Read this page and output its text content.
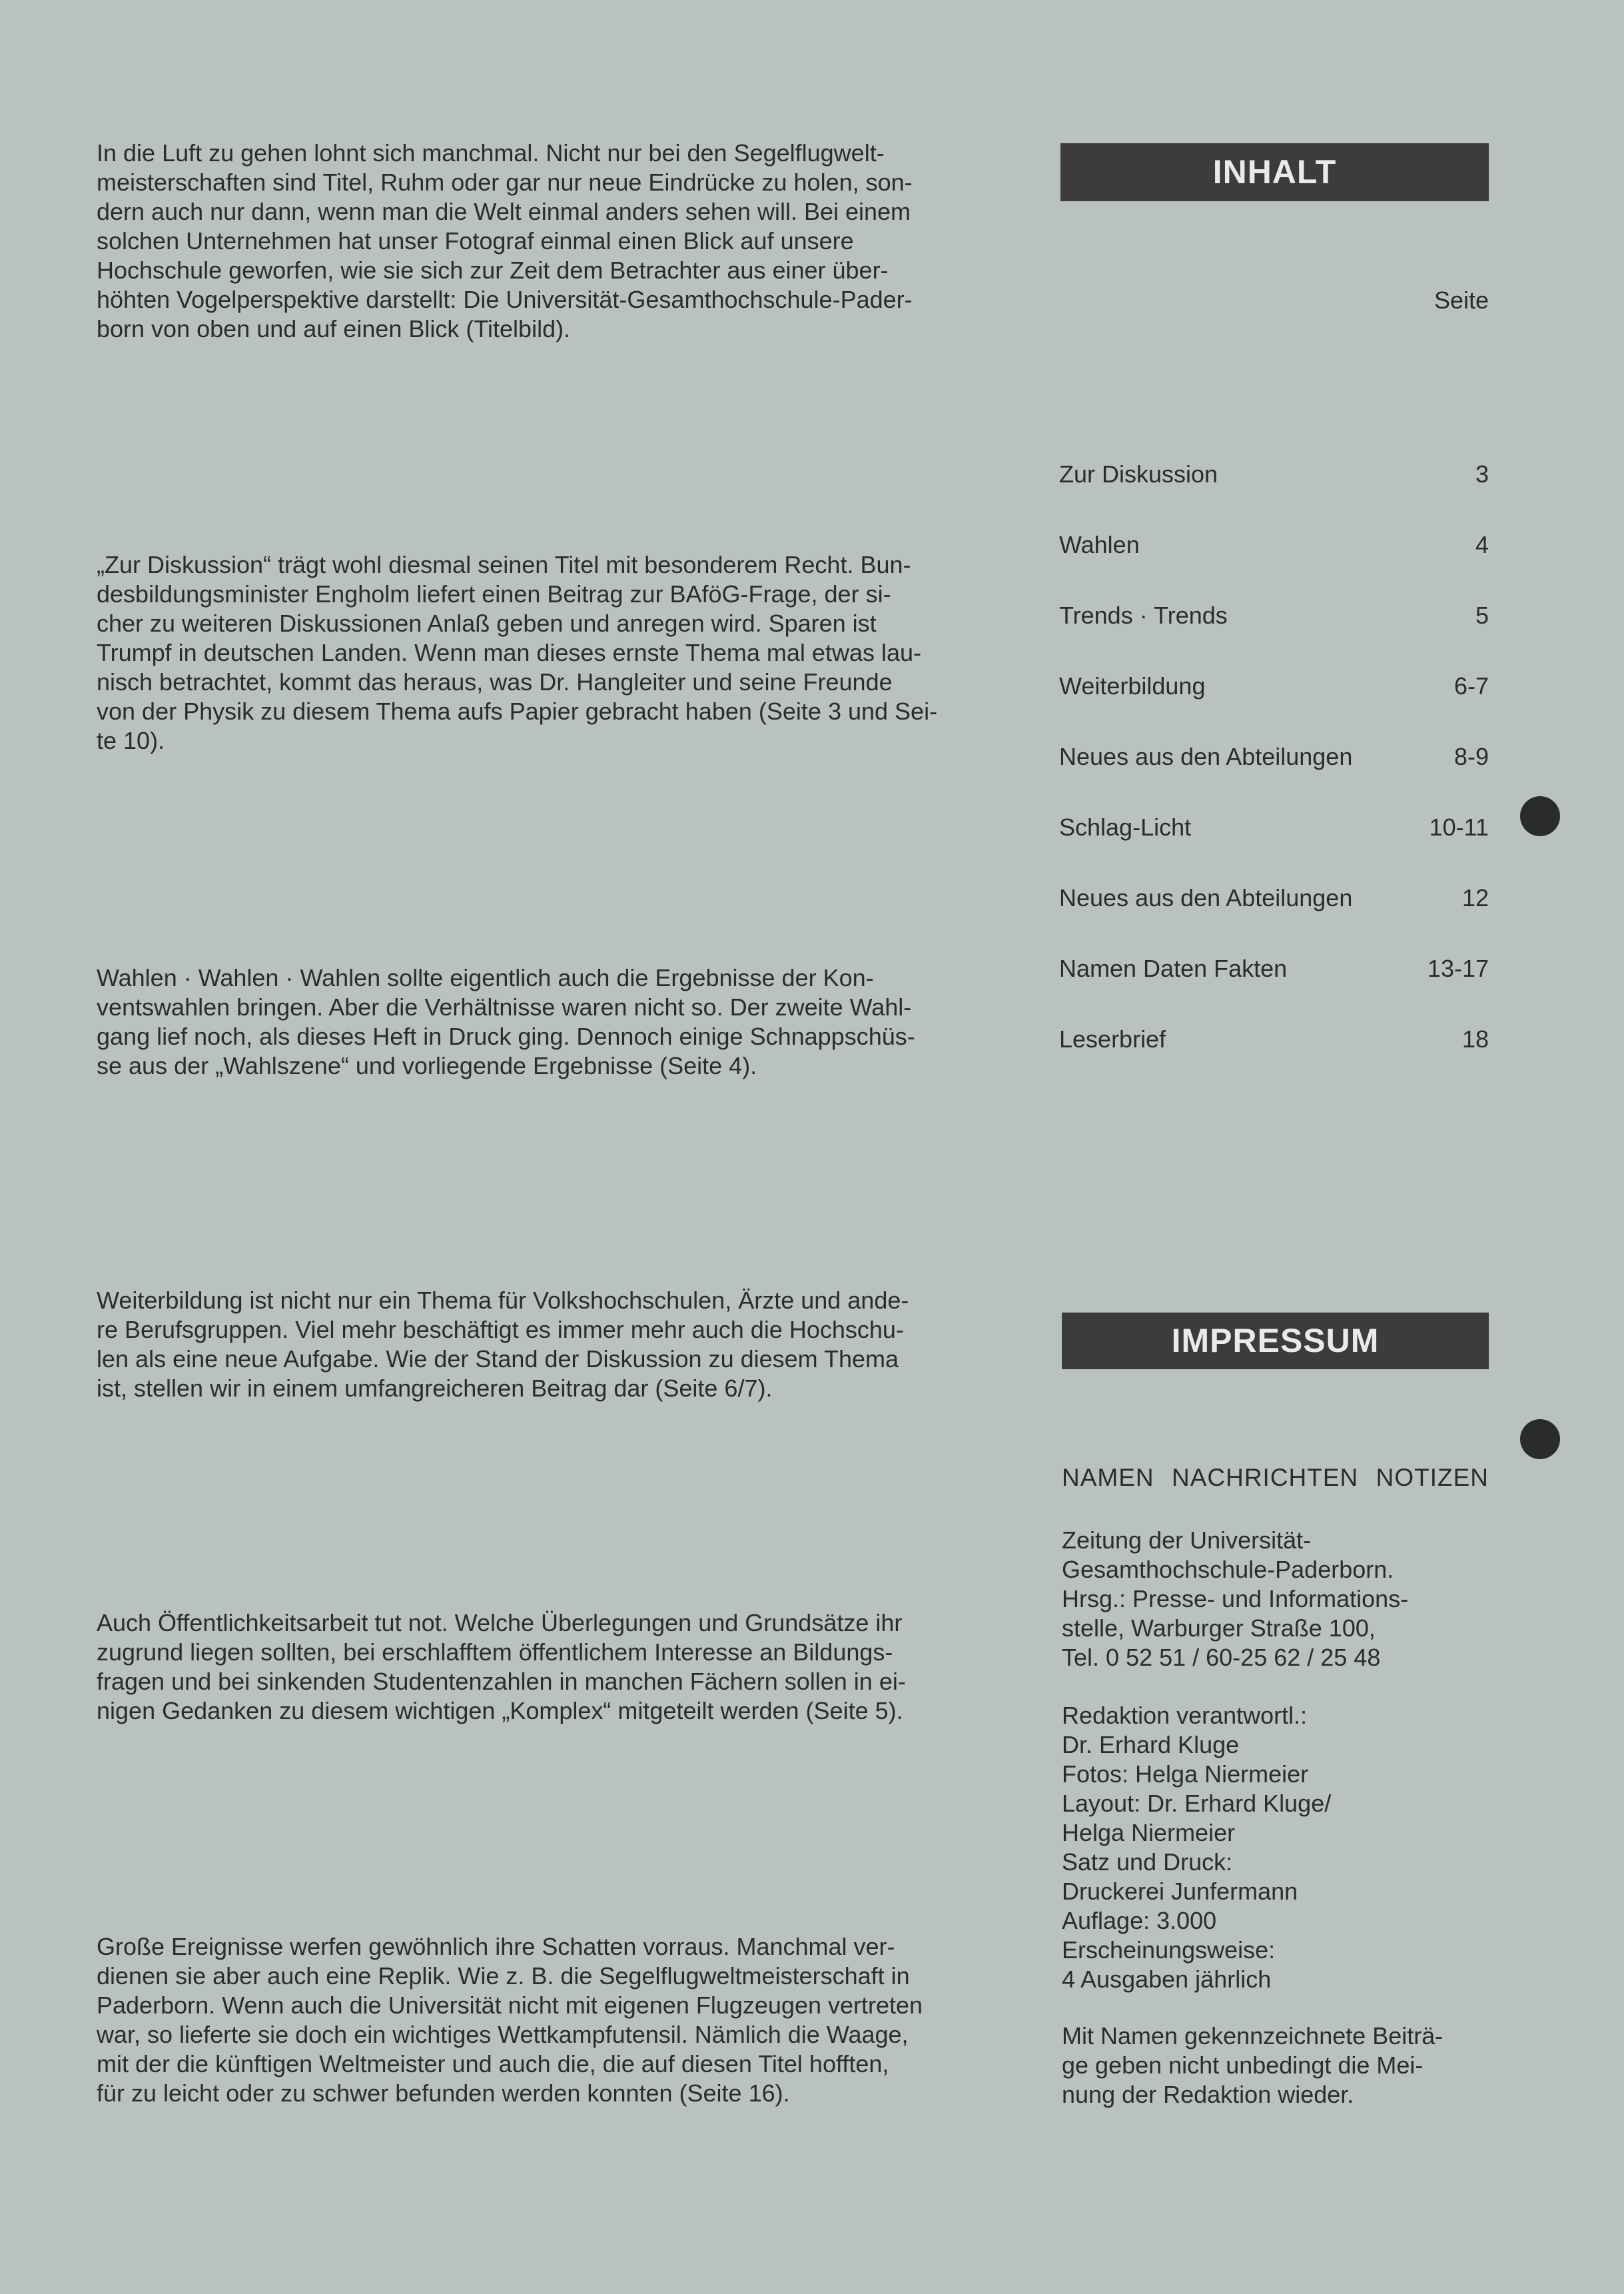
In die Luft zu gehen lohnt sich manchmal. Nicht nur bei den Segelflugwelt-
meisterschaften sind Titel, Ruhm oder gar nur neue Eindrücke zu holen, son-
dern auch nur dann, wenn man die Welt einmal anders sehen will. Bei einem
solchen Unternehmen hat unser Fotograf einmal einen Blick auf unsere
Hochschule geworfen, wie sie sich zur Zeit dem Betrachter aus einer über-
höhten Vogelperspektive darstellt: Die Universität-Gesamthochschule-Pader-
born von oben und auf einen Blick (Titelbild).
„Zur Diskussion“ trägt wohl diesmal seinen Titel mit besonderem Recht. Bun-
desbildungsminister Engholm liefert einen Beitrag zur BAföG-Frage, der si-
cher zu weiteren Diskussionen Anlaß geben und anregen wird. Sparen ist
Trumpf in deutschen Landen. Wenn man dieses ernste Thema mal etwas lau-
nisch betrachtet, kommt das heraus, was Dr. Hangleiter und seine Freunde
von der Physik zu diesem Thema aufs Papier gebracht haben (Seite 3 und Sei-
te 10).
Wahlen · Wahlen · Wahlen sollte eigentlich auch die Ergebnisse der Kon-
ventswahlen bringen. Aber die Verhältnisse waren nicht so. Der zweite Wahl-
gang lief noch, als dieses Heft in Druck ging. Dennoch einige Schnappschüs-
se aus der „Wahlszene“ und vorliegende Ergebnisse (Seite 4).
Weiterbildung ist nicht nur ein Thema für Volkshochschulen, Ärzte und ande-
re Berufsgruppen. Viel mehr beschäftigt es immer mehr auch die Hochschu-
len als eine neue Aufgabe. Wie der Stand der Diskussion zu diesem Thema
ist, stellen wir in einem umfangreicheren Beitrag dar (Seite 6/7).
Auch Öffentlichkeitsarbeit tut not. Welche Überlegungen und Grundsätze ihr
zugrund liegen sollten, bei erschlafftem öffentlichem Interesse an Bildungs-
fragen und bei sinkenden Studentenzahlen in manchen Fächern sollen in ei-
nigen Gedanken zu diesem wichtigen „Komplex“ mitgeteilt werden (Seite 5).
Große Ereignisse werfen gewöhnlich ihre Schatten vorraus. Manchmal ver-
dienen sie aber auch eine Replik. Wie z. B. die Segelflugweltmeisterschaft in
Paderborn. Wenn auch die Universität nicht mit eigenen Flugzeugen vertreten
war, so lieferte sie doch ein wichtiges Wettkampfutensil. Nämlich die Waage,
mit der die künftigen Weltmeister und auch die, die auf diesen Titel hofften,
für zu leicht oder zu schwer befunden werden konnten (Seite 16).
INHALT
Seite
Zur Diskussion	3
Wahlen	4
Trends · Trends	5
Weiterbildung	6-7
Neues aus den Abteilungen	8-9
Schlag-Licht	10-11
Neues aus den Abteilungen	12
Namen Daten Fakten	13-17
Leserbrief	18
IMPRESSUM
NAMEN NACHRICHTEN NOTIZEN
Zeitung der Universität-
Gesamthochschule-Paderborn.
Hrsg.: Presse- und Informations-
stelle, Warburger Straße 100,
Tel. 0 52 51 / 60-25 62 / 25 48
Redaktion verantwortl.:
Dr. Erhard Kluge
Fotos: Helga Niermeier
Layout: Dr. Erhard Kluge/
Helga Niermeier
Satz und Druck:
Druckerei Junfermann
Auflage: 3.000
Erscheinungsweise:
4 Ausgaben jährlich
Mit Namen gekennzeichnete Beiträ-
ge geben nicht unbedingt die Mei-
nung der Redaktion wieder.
